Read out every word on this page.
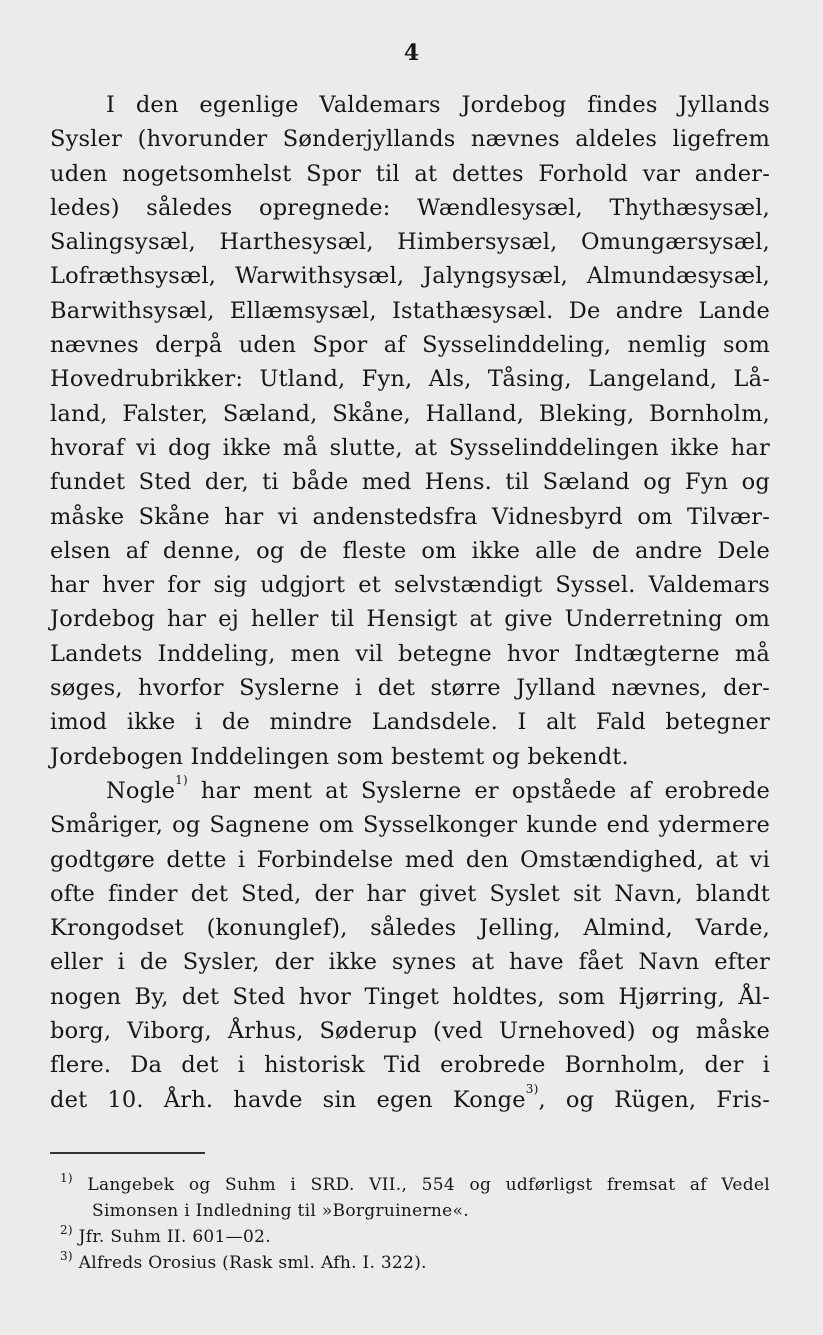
4
I den egenlige Valdemars Jordebog findes Jyllands
Sysler (hvorunder Sønderjyllands nævnes aldeles ligefrem
uden nogetsomhelst Spor til at dettes Forhold var ander-
ledes) således opregnede: Wændlesysæl, Thythæsysæl,
Salingsysæl, Harthesysæl, Himbersysæl, Omungærsysæl,
Lofræthsysæl, Warwithsysæl, Jalyngsysæl, Almundæsysæl,
Barwithsysæl, Ellæmsysæl, Istathæsysæl. De andre Lande
nævnes derpå uden Spor af Sysselinddeling, nemlig som
Hovedrubrikker: Utland, Fyn, Als, Tåsing, Langeland, Lå-
land, Falster, Sæland, Skåne, Halland, Bleking, Bornholm,
hvoraf vi dog ikke må slutte, at Sysselinddelingen ikke har
fundet Sted der, ti både med Hens. til Sæland og Fyn og
måske Skåne har vi andenstedsfra Vidnesbyrd om Tilvær-
elsen af denne, og de fleste om ikke alle de andre Dele
har hver for sig udgjort et selvstændigt Syssel. Valdemars
Jordebog har ej heller til Hensigt at give Underretning om
Landets Inddeling, men vil betegne hvor Indtægterne må
søges, hvorfor Syslerne i det større Jylland nævnes, der-
imod ikke i de mindre Landsdele. I alt Fald betegner
Jordebogen Inddelingen som bestemt og bekendt.
Nogle$^{1)}$ har ment at Syslerne er opståede af erobrede
Småriger, og Sagnene om Sysselkonger kunde end ydermere
godtgøre dette i Forbindelse med den Omstændighed, at vi
ofte finder det Sted, der har givet Syslet sit Navn, blandt
Krongodset (konunglef), således Jelling, Almind, Varde,
eller i de Sysler, der ikke synes at have fået Navn efter
nogen By, det Sted hvor Tinget holdtes, som Hjørring, Ål-
borg, Viborg, Århus, Søderup (ved Urnehoved) og måske
flere. Da det i historisk Tid erobrede Bornholm, der i
det 10. Årh. havde sin egen Konge$^{3)}$, og Rügen, Fris-
$^{1)}$ Langebek og Suhm i SRD. VII., 554 og udførligst fremsat af Vedel
Simonsen i Indledning til »Borgruinerne«.
$^{2)}$ Jfr. Suhm II. 601—02.
$^{3)}$ Alfreds Orosius (Rask sml. Afh. I. 322).
